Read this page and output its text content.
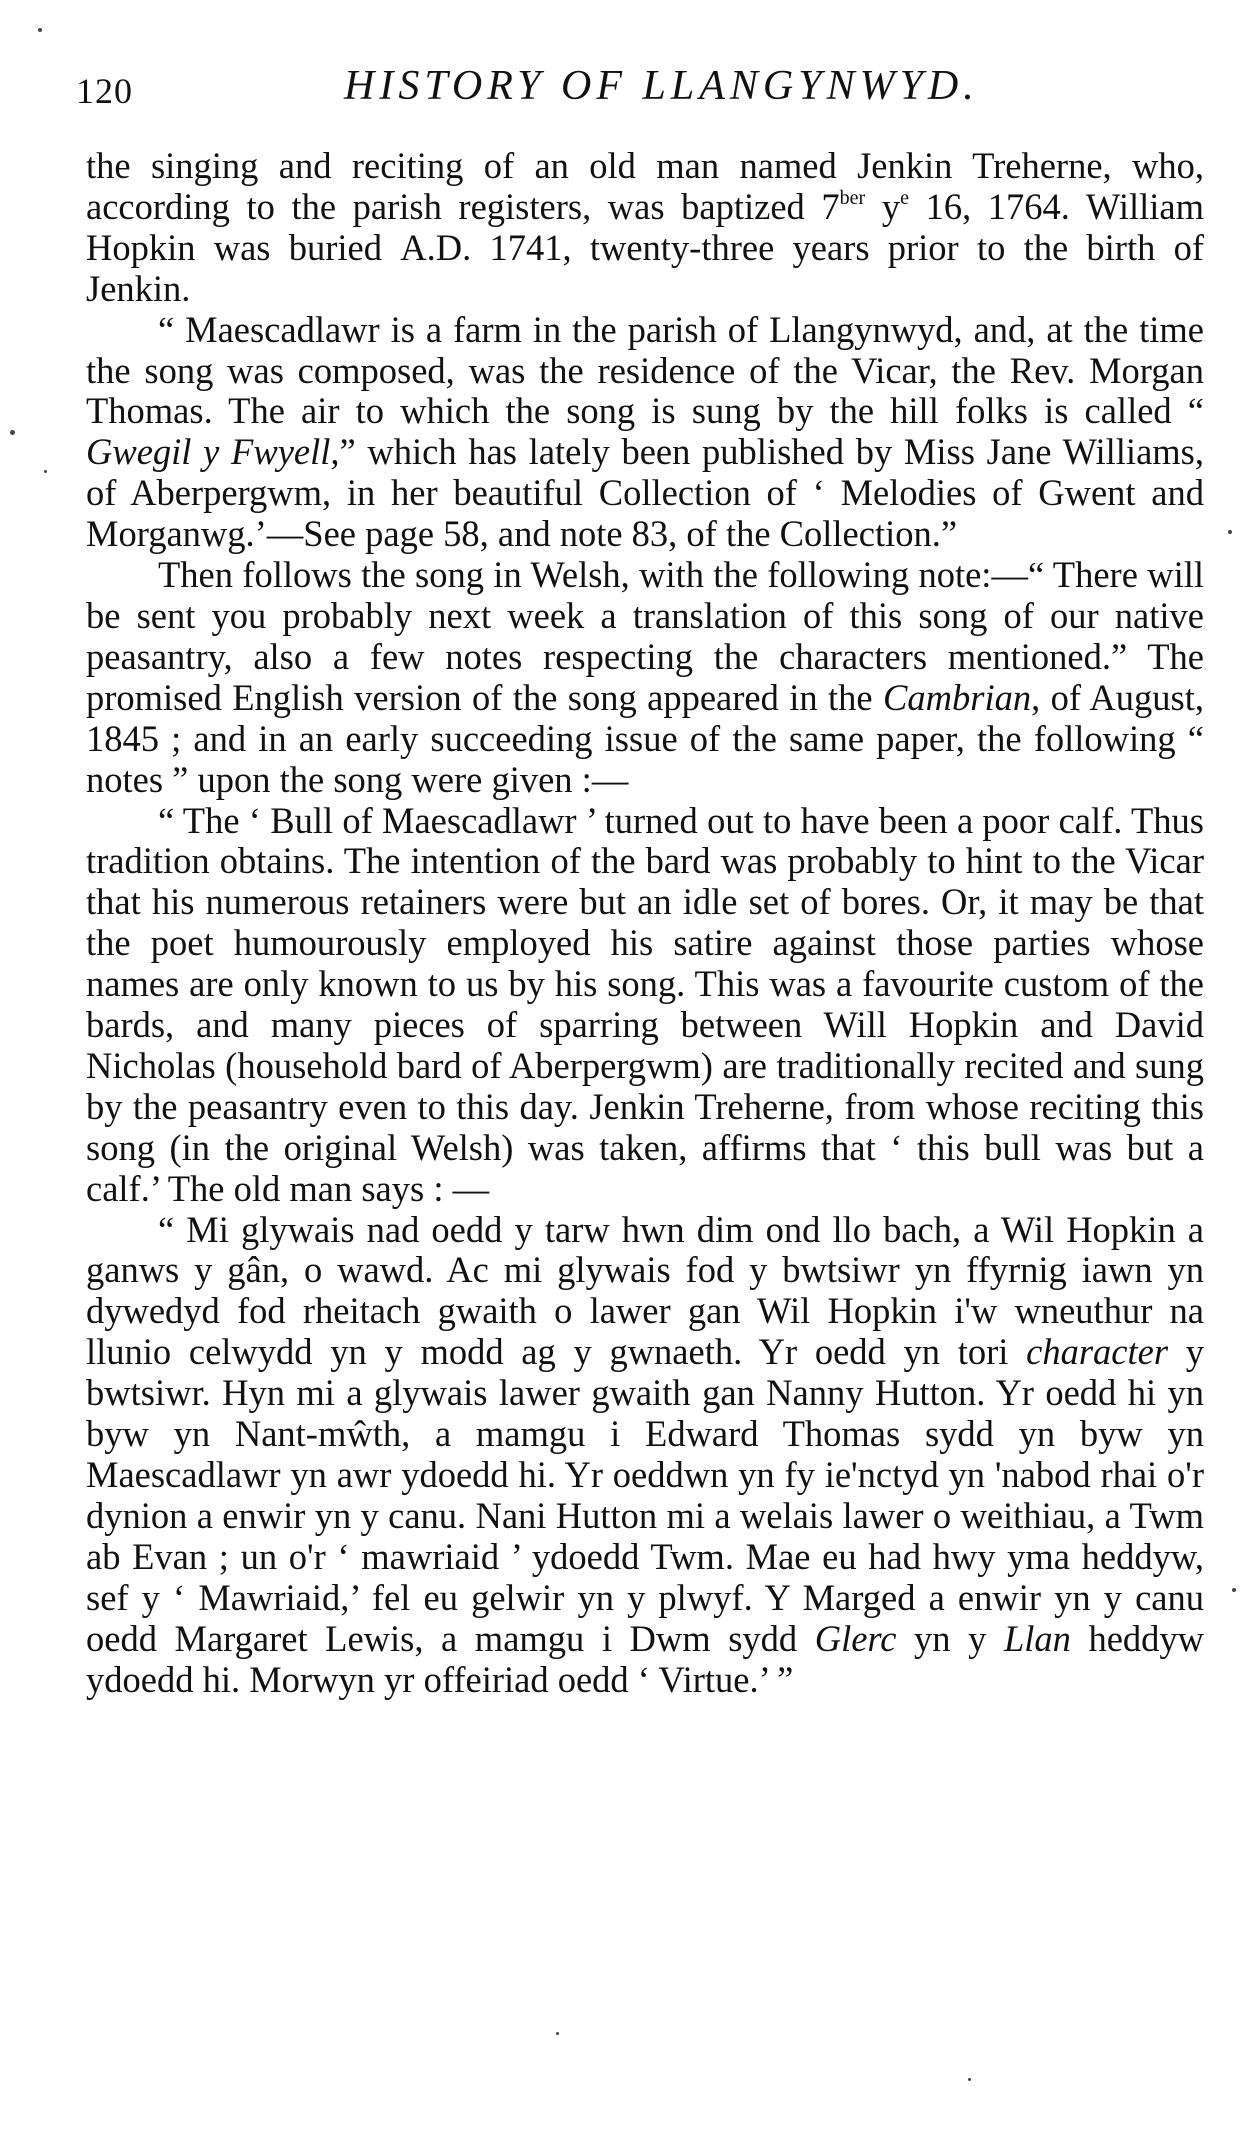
120	HISTORY OF LLANGYNWYD.

the singing and reciting of an old man named Jenkin Treherne, who, according to the parish registers, was baptized $7^{ber}$ $y^e$ 16, 1764. William Hopkin was buried A.D. 1741, twenty-three years prior to the birth of Jenkin.

“ Maescadlawr is a farm in the parish of Llangynwyd, and, at the time the song was composed, was the residence of the Vicar, the Rev. Morgan Thomas. The air to which the song is sung by the hill folks is called “ Gwegil y Fwyell,” which has lately been published by Miss Jane Williams, of Aberpergwm, in her beautiful Collection of ‘ Melodies of Gwent and Morganwg.’—See page 58, and note 83, of the Collection.”

Then follows the song in Welsh, with the following note:—“ There will be sent you probably next week a translation of this song of our native peasantry, also a few notes respecting the characters mentioned.” The promised English version of the song appeared in the Cambrian, of August, 1845 ; and in an early succeeding issue of the same paper, the following “ notes ” upon the song were given :—

“ The ‘ Bull of Maescadlawr ’ turned out to have been a poor calf. Thus tradition obtains. The intention of the bard was probably to hint to the Vicar that his numerous retainers were but an idle set of bores. Or, it may be that the poet humourously employed his satire against those parties whose names are only known to us by his song. This was a favourite custom of the bards, and many pieces of sparring between Will Hopkin and David Nicholas (household bard of Aberpergwm) are traditionally recited and sung by the peasantry even to this day. Jenkin Treherne, from whose reciting this song (in the original Welsh) was taken, affirms that ‘ this bull was but a calf.’ The old man says : —

“ Mi glywais nad oedd y tarw hwn dim ond llo bach, a Wil Hopkin a ganws y gân, o wawd. Ac mi glywais fod y bwtsiwr yn ffyrnig iawn yn dywedyd fod rheitach gwaith o lawer gan Wil Hopkin i'w wneuthur na llunio celwydd yn y modd ag y gwnaeth. Yr oedd yn tori character y bwtsiwr. Hyn mi a glywais lawer gwaith gan Nanny Hutton. Yr oedd hi yn byw yn Nant-mŵth, a mamgu i Edward Thomas sydd yn byw yn Maescadlawr yn awr ydoedd hi. Yr oeddwn yn fy ie'nctyd yn 'nabod rhai o'r dynion a enwir yn y canu. Nani Hutton mi a welais lawer o weithiau, a Twm ab Evan ; un o'r ‘ mawriaid ’ ydoedd Twm. Mae eu had hwy yma heddyw, sef y ‘ Mawriaid,’ fel eu gelwir yn y plwyf. Y Marged a enwir yn y canu oedd Margaret Lewis, a mamgu i Dwm sydd Glerc yn y Llan heddyw ydoedd hi. Morwyn yr offeiriad oedd ‘ Virtue.’ ”
